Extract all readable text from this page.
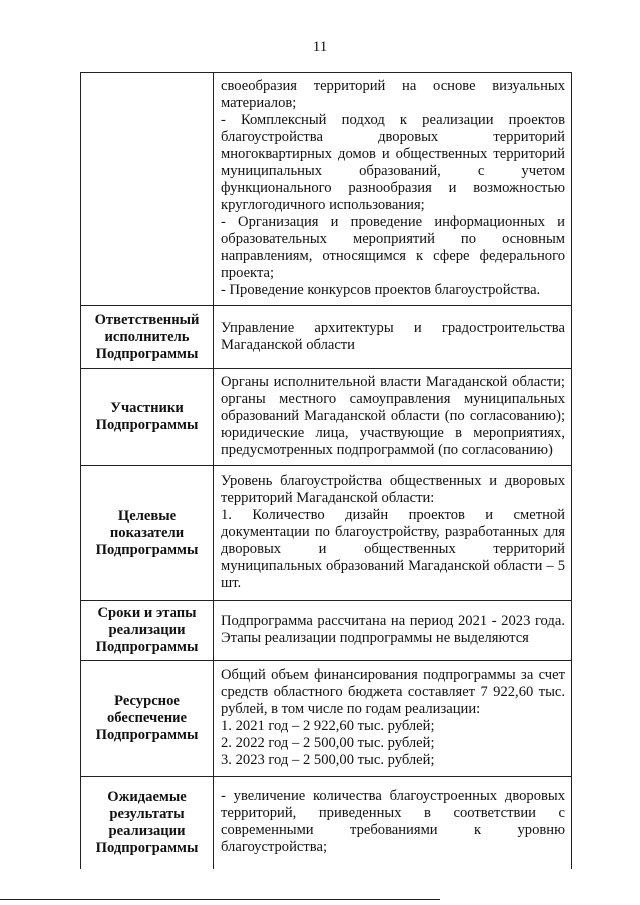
11

	своеобразия территорий на основе визуальных материалов;

- Комплексный подход к реализации проектов благоустройства дворовых территорий многоквартирных домов и общественных территорий муниципальных образований, с учетом функционального разнообразия и возможностью круглогодичного использования;

- Организация и проведение информационных и образовательных мероприятий по основным направлениям, относящимся к сфере федерального проекта;

- Проведение конкурсов проектов благоустройства.

Ответственный исполнитель Подпрограммы	Управление архитектуры и градостроительства Магаданской области

Участники Подпрограммы	Органы исполнительной власти Магаданской области; органы местного самоуправления муниципальных образований Магаданской области (по согласованию); юридические лица, участвующие в мероприятиях, предусмотренных подпрограммой (по согласованию)

Целевые показатели Подпрограммы	Уровень благоустройства общественных и дворовых территорий Магаданской области:

1. Количество дизайн проектов и сметной документации по благоустройству, разработанных для дворовых и общественных территорий муниципальных образований Магаданской области – 5 шт.

Сроки и этапы реализации Подпрограммы	Подпрограмма рассчитана на период 2021 - 2023 года. Этапы реализации подпрограммы не выделяются

Ресурсное обеспечение Подпрограммы	Общий объем финансирования подпрограммы за счет средств областного бюджета составляет 7 922,60 тыс. рублей, в том числе по годам реализации:

1. 2021 год – 2 922,60 тыс. рублей;

2. 2022 год – 2 500,00 тыс. рублей;

3. 2023 год – 2 500,00 тыс. рублей;

Ожидаемые результаты реализации Подпрограммы	- увеличение количества благоустроенных дворовых территорий, приведенных в соответствии с современными требованиями к уровню благоустройства;
